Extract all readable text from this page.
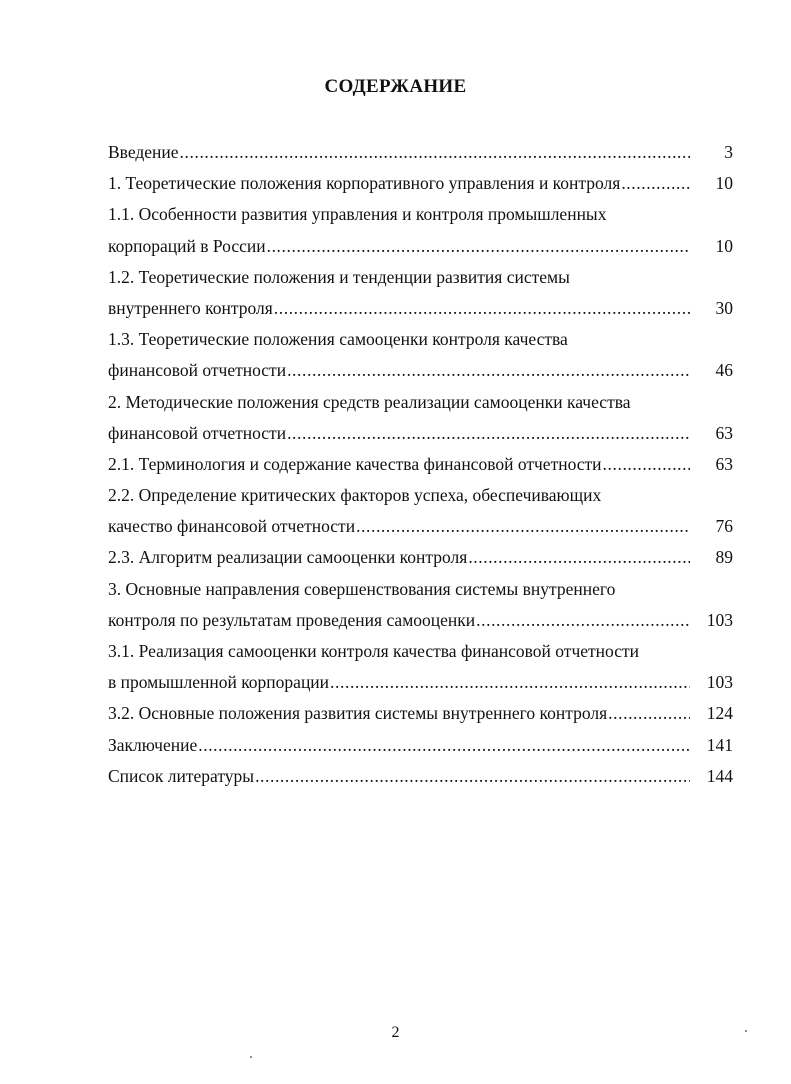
СОДЕРЖАНИЕ
Введение .....	3
1. Теоретические положения корпоративного управления и контроля .....	10
1.1. Особенности развития управления и контроля промышленных
корпораций в России .....	10
1.2. Теоретические положения и тенденции развития системы
внутреннего контроля .....	30
1.3. Теоретические положения самооценки контроля качества
финансовой отчетности .....	46
2. Методические положения средств реализации самооценки качества
финансовой отчетности .....	63
2.1. Терминология и содержание качества финансовой отчетности .....	63
2.2. Определение критических факторов успеха, обеспечивающих
качество финансовой отчетности .....	76
2.3. Алгоритм реализации самооценки контроля .....	89
3. Основные направления совершенствования системы внутреннего
контроля по результатам проведения самооценки .....	103
3.1. Реализация самооценки контроля качества финансовой отчетности
в промышленной корпорации .....	103
3.2. Основные положения развития системы внутреннего контроля .....	124
Заключение .....	141
Список литературы .....	144
2
